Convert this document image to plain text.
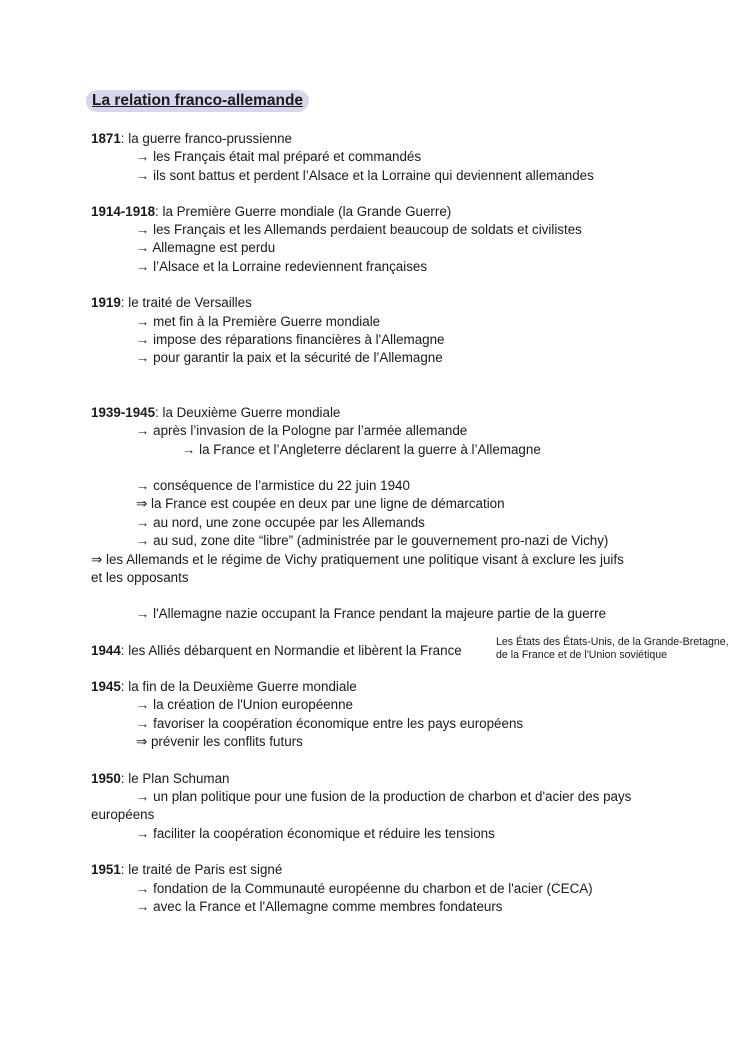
La relation franco-allemande
1871: la guerre franco-prussienne
→ les Français était mal préparé et commandés
→ ils sont battus et perdent l’Alsace et la Lorraine qui deviennent allemandes
1914-1918: la Première Guerre mondiale (la Grande Guerre)
→ les Français et les Allemands perdaient beaucoup de soldats et civilistes
→ Allemagne est perdu
→ l’Alsace et la Lorraine redeviennent françaises
1919: le traité de Versailles
→ met fin à la Première Guerre mondiale
→ impose des réparations financières à l'Allemagne
→ pour garantir la paix et la sécurité de l’Allemagne
1939-1945: la Deuxième Guerre mondiale
→ après l’invasion de la Pologne par l’armée allemande
→ la France et l’Angleterre déclarent la guerre à l’Allemagne
→ conséquence de l’armistice du 22 juin 1940
⇒ la France est coupée en deux par une ligne de démarcation
→ au nord, une zone occupée par les Allemands
→ au sud, zone dite “libre” (administrée par le gouvernement pro-nazi de Vichy)
⇒ les Allemands et le régime de Vichy pratiquement une politique visant à exclure les juifs
et les opposants
→ l'Allemagne nazie occupant la France pendant la majeure partie de la guerre
1944: les Alliés débarquent en Normandie et libèrent la France
Les États des États-Unis, de la Grande-Bretagne, de la France et de l'Union soviétique
1945: la fin de la Deuxième Guerre mondiale
→ la création de l'Union européenne
→ favoriser la coopération économique entre les pays européens
⇒ prévenir les conflits futurs
1950: le Plan Schuman
→ un plan politique pour une fusion de la production de charbon et d'acier des pays
européens
→ faciliter la coopération économique et réduire les tensions
1951: le traité de Paris est signé
→ fondation de la Communauté européenne du charbon et de l'acier (CECA)
→ avec la France et l'Allemagne comme membres fondateurs
